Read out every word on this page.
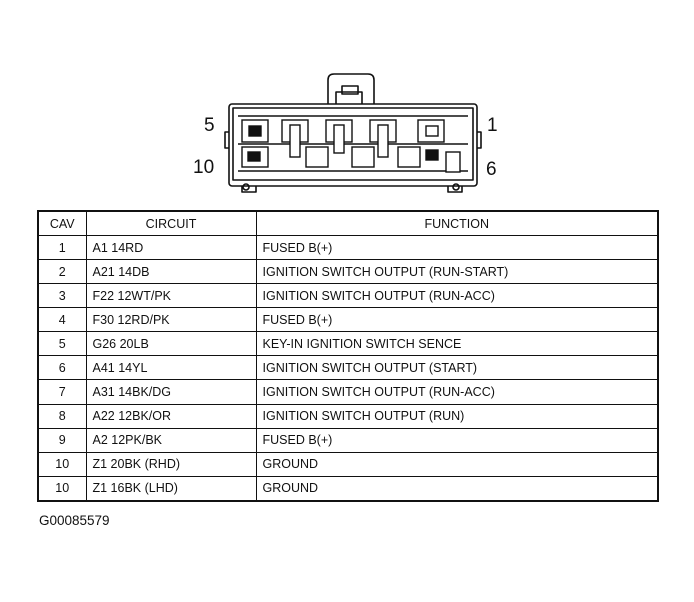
5
10
1
6
CAV	CIRCUIT	FUNCTION
1	A1 14RD	FUSED B(+)
2	A21 14DB	IGNITION SWITCH OUTPUT (RUN-START)
3	F22 12WT/PK	IGNITION SWITCH OUTPUT (RUN-ACC)
4	F30 12RD/PK	FUSED B(+)
5	G26 20LB	KEY-IN IGNITION SWITCH SENCE
6	A41 14YL	IGNITION SWITCH OUTPUT (START)
7	A31 14BK/DG	IGNITION SWITCH OUTPUT (RUN-ACC)
8	A22 12BK/OR	IGNITION SWITCH OUTPUT (RUN)
9	A2 12PK/BK	FUSED B(+)
10	Z1 20BK (RHD)	GROUND
10	Z1 16BK (LHD)	GROUND
G00085579
